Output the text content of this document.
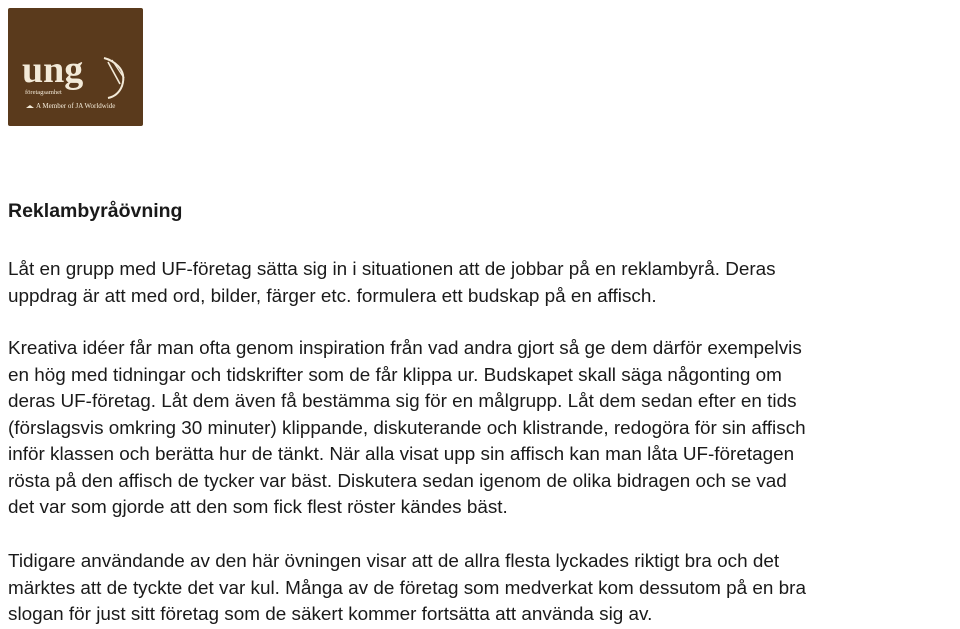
ung
företagsamhet
A Member of JA Worldwide
Reklambyråövning

Låt en grupp med UF-företag sätta sig in i situationen att de jobbar på en reklambyrå. Deras
uppdrag är att med ord, bilder, färger etc. formulera ett budskap på en affisch.

Kreativa idéer får man ofta genom inspiration från vad andra gjort så ge dem därför exempelvis
en hög med tidningar och tidskrifter som de får klippa ur. Budskapet skall säga någonting om
deras UF-företag. Låt dem även få bestämma sig för en målgrupp. Låt dem sedan efter en tids
(förslagsvis omkring 30 minuter) klippande, diskuterande och klistrande, redogöra för sin affisch
inför klassen och berätta hur de tänkt. När alla visat upp sin affisch kan man låta UF-företagen
rösta på den affisch de tycker var bäst. Diskutera sedan igenom de olika bidragen och se vad
det var som gjorde att den som fick flest röster kändes bäst.

Tidigare användande av den här övningen visar att de allra flesta lyckades riktigt bra och det
märktes att de tyckte det var kul. Många av de företag som medverkat kom dessutom på en bra
slogan för just sitt företag som de säkert kommer fortsätta att använda sig av.
